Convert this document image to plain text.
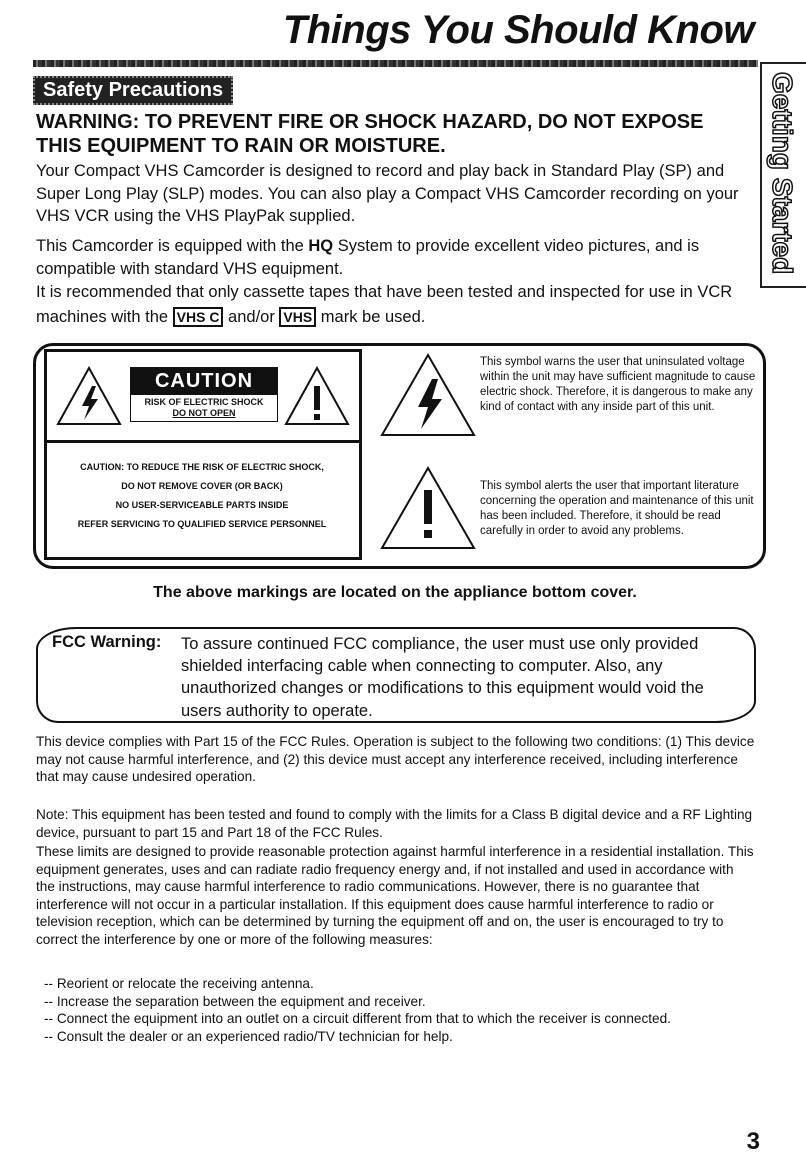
Things You Should Know
Getting Started
Safety Precautions
WARNING: TO PREVENT FIRE OR SHOCK HAZARD, DO NOT EXPOSE THIS EQUIPMENT TO RAIN OR MOISTURE.
Your Compact VHS Camcorder is designed to record and play back in Standard Play (SP) and Super Long Play (SLP) modes. You can also play a Compact VHS Camcorder recording on your VHS VCR using the VHS PlayPak supplied.
This Camcorder is equipped with the HQ System to provide excellent video pictures, and is compatible with standard VHS equipment.
It is recommended that only cassette tapes that have been tested and inspected for use in VCR machines with the VHS C and/or VHS mark be used.
CAUTION
RISK OF ELECTRIC SHOCK
DO NOT OPEN
CAUTION: TO REDUCE THE RISK OF ELECTRIC SHOCK,
DO NOT REMOVE COVER (OR BACK)
NO USER-SERVICEABLE PARTS INSIDE
REFER SERVICING TO QUALIFIED SERVICE PERSONNEL
This symbol warns the user that uninsulated voltage within the unit may have sufficient magnitude to cause electric shock. Therefore, it is dangerous to make any kind of contact with any inside part of this unit.
This symbol alerts the user that important literature concerning the operation and maintenance of this unit has been included. Therefore, it should be read carefully in order to avoid any problems.
The above markings are located on the appliance bottom cover.
FCC Warning: To assure continued FCC compliance, the user must use only provided shielded interfacing cable when connecting to computer. Also, any unauthorized changes or modifications to this equipment would void the users authority to operate.
This device complies with Part 15 of the FCC Rules. Operation is subject to the following two conditions: (1) This device may not cause harmful interference, and (2) this device must accept any interference received, including interference that may cause undesired operation.
Note: This equipment has been tested and found to comply with the limits for a Class B digital device and a RF Lighting device, pursuant to part 15 and Part 18 of the FCC Rules.
These limits are designed to provide reasonable protection against harmful interference in a residential installation. This equipment generates, uses and can radiate radio frequency energy and, if not installed and used in accordance with the instructions, may cause harmful interference to radio communications. However, there is no guarantee that interference will not occur in a particular installation. If this equipment does cause harmful interference to radio or television reception, which can be determined by turning the equipment off and on, the user is encouraged to try to correct the interference by one or more of the following measures:
-- Reorient or relocate the receiving antenna.
-- Increase the separation between the equipment and receiver.
-- Connect the equipment into an outlet on a circuit different from that to which the receiver is connected.
-- Consult the dealer or an experienced radio/TV technician for help.
3
